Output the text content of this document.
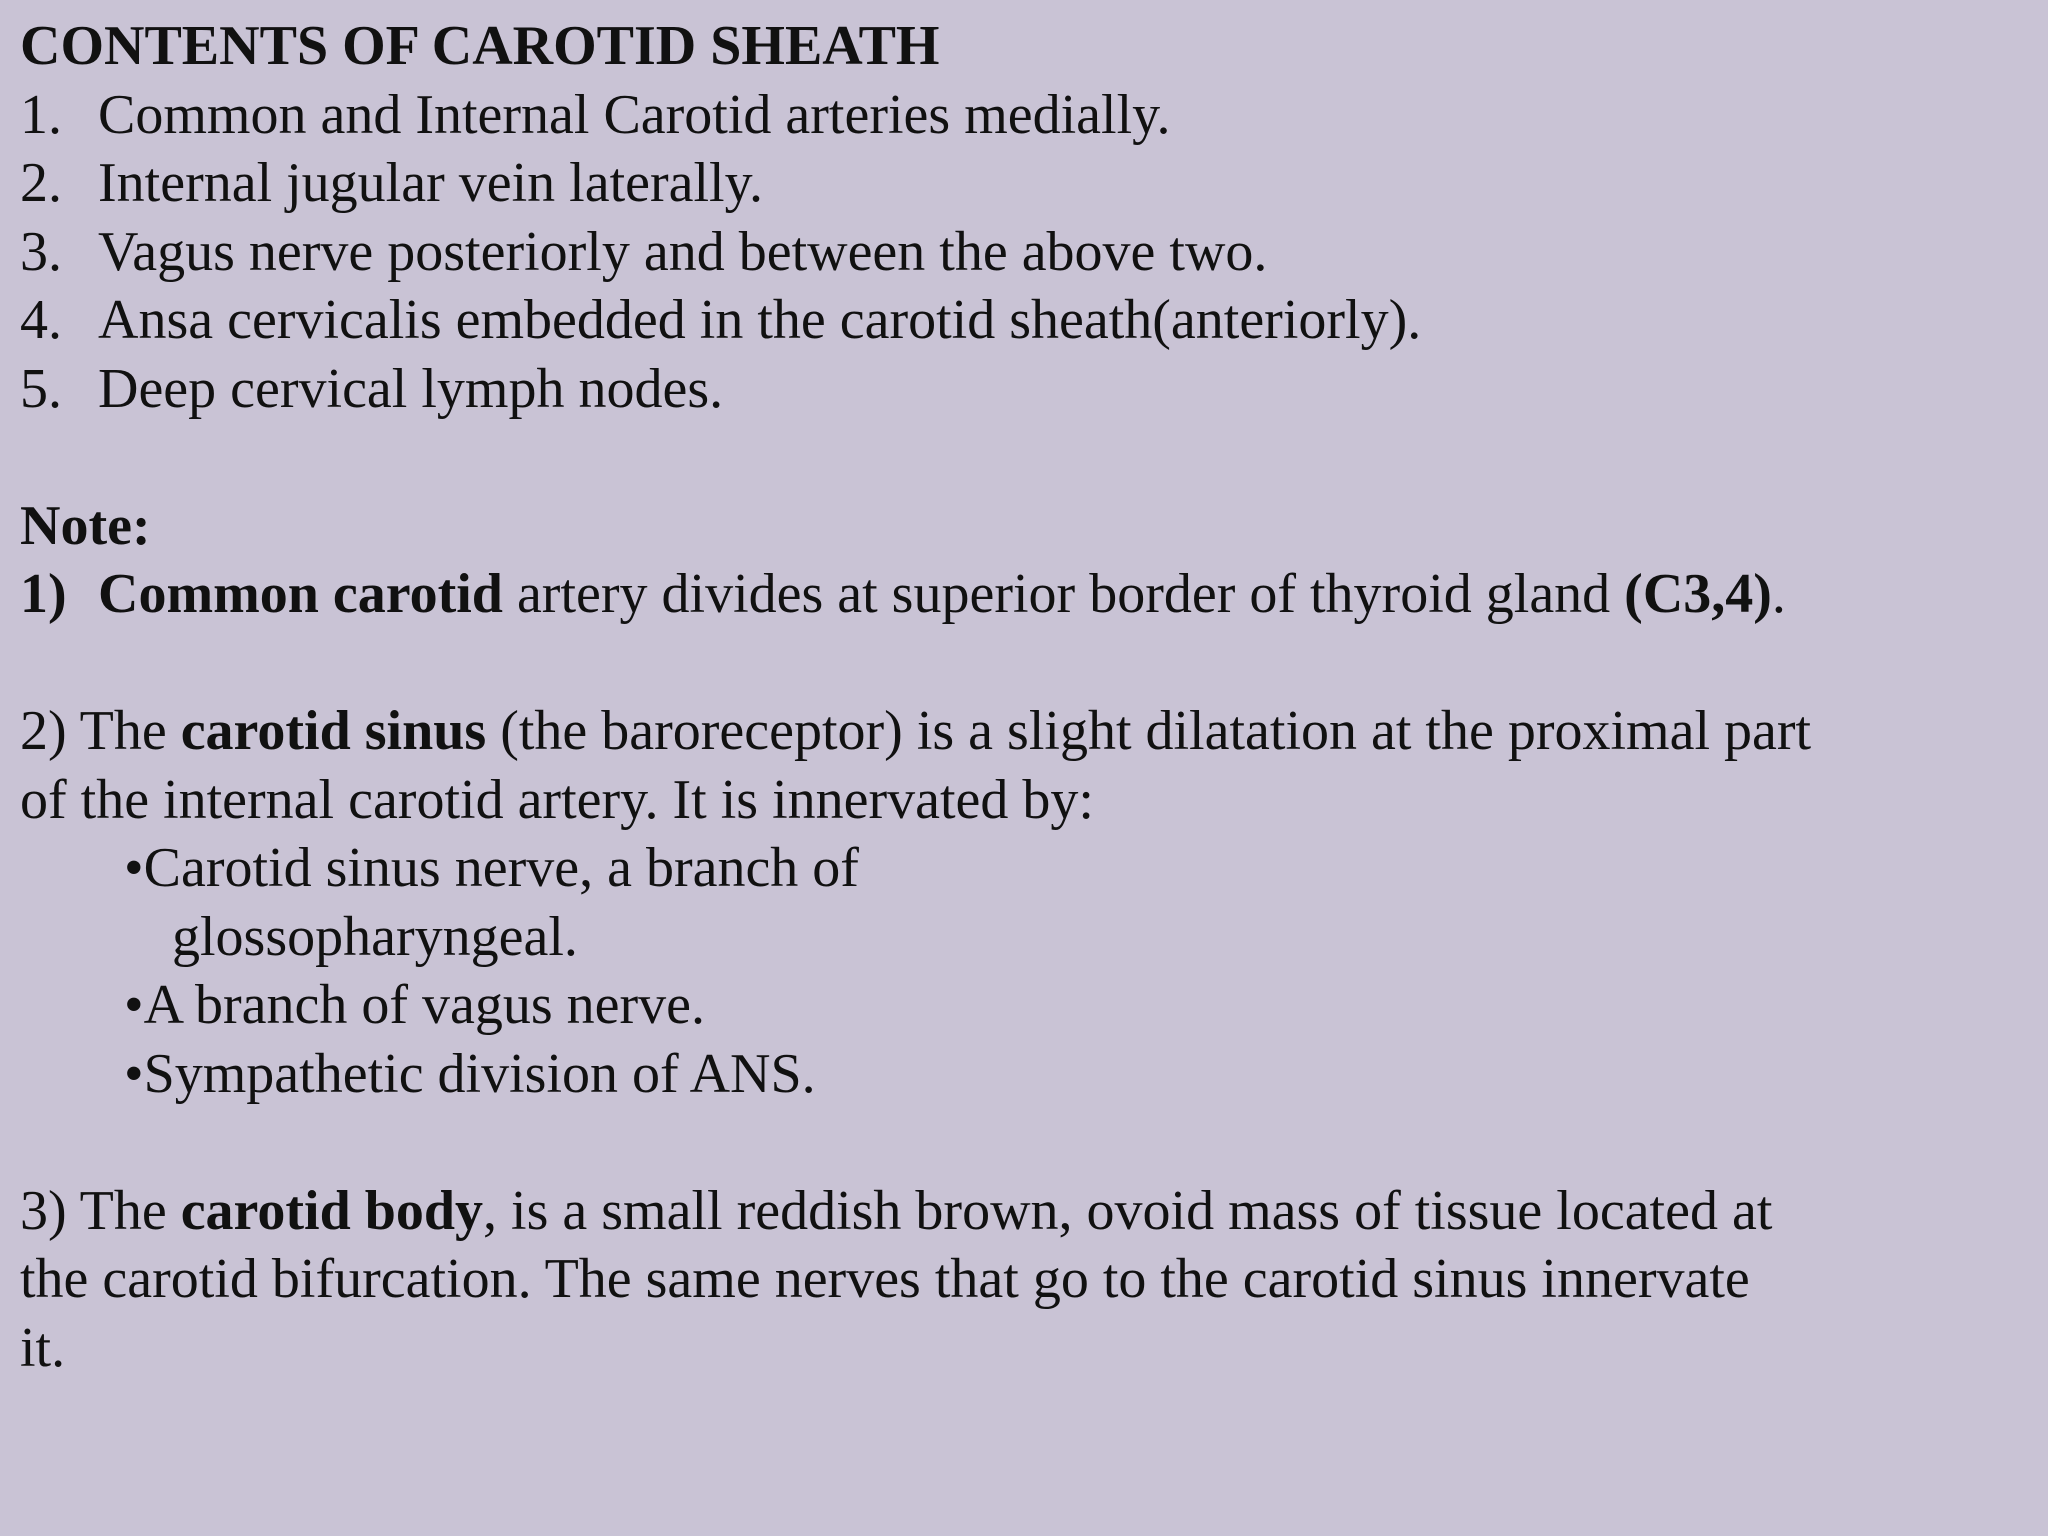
CONTENTS OF CAROTID SHEATH
1. Common and Internal Carotid arteries medially.
2. Internal jugular vein laterally.
3. Vagus nerve posteriorly and between the above two.
4. Ansa cervicalis embedded in the carotid sheath(anteriorly).
5. Deep cervical lymph nodes.
Note:
1) Common carotid artery divides at superior border of thyroid gland (C3,4).
2) The carotid sinus (the baroreceptor) is a slight dilatation at the proximal part
of the internal carotid artery. It is innervated by:
•Carotid sinus nerve, a branch of
glossopharyngeal.
•A branch of vagus nerve.
•Sympathetic division of ANS.
3) The carotid body, is a small reddish brown, ovoid mass of tissue located at
the carotid bifurcation. The same nerves that go to the carotid sinus innervate
it.
